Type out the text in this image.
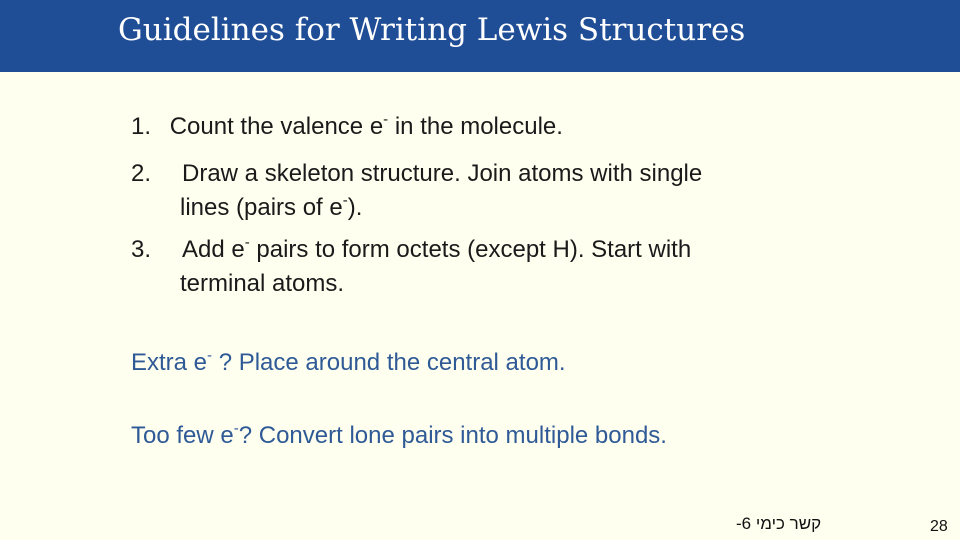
Guidelines for Writing Lewis Structures
1. Count the valence e- in the molecule.
2. Draw a skeleton structure. Join atoms with single
lines (pairs of e-).
3. Add e- pairs to form octets (except H). Start with
terminal atoms.
Extra e- ? Place around the central atom.
Too few e-? Convert lone pairs into multiple bonds.
קשר כימי 6-	28
